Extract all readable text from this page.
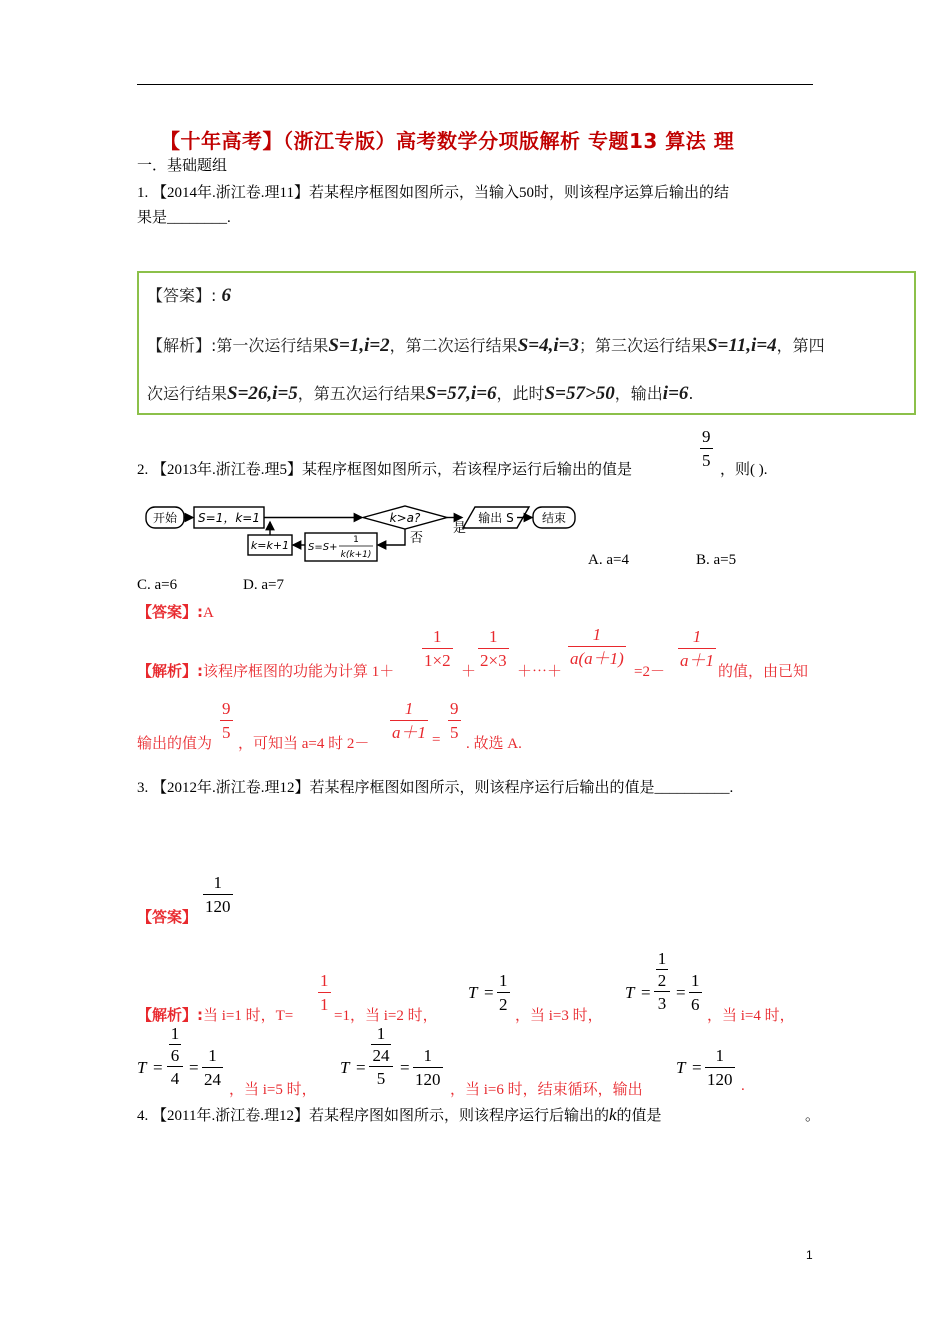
【十年高考】（浙江专版）高考数学分项版解析 专题13 算法 理
一．基础题组
1. 【2014年.浙江卷.理11】若某程序框图如图所示，当输入50时，则该程序运算后输出的结
果是________.
【答案】: 6
【解析】:第一次运行结果S=1,i=2，第二次运行结果S=4,i=3；第三次运行结果S=11,i=4，第四
次运行结果S=26,i=5，第五次运行结果S=57,i=6，此时S=57>50，输出i=6.
2. 【2013年.浙江卷.理5】某程序框图如图所示，若该程序运行后输出的值是
9
5 ，则( ).
开始 S=1，k=1	k>a?
是
否
输出 S 结束
k=k+1 S=S+
1
k(k+1)	A. a=4	B. a=5
C. a=6	D. a=7
【答案】:A
【解析】:该程序框图的功能为计算 1＋
1
1×2
＋
1
2×3
＋⋯＋
1
a(a＋1)
=2－
1
a＋1
的值，由已知
输出的值为
9
5
，可知当 a=4 时 2－
1
a＋1 =
9
5
. 故选 A.
3. 【2012年.浙江卷.理12】若某程序框图如图所示，则该程序运行后输出的值是__________.
【答案】
1
120
【解析】:当 i=1 时，T=
1
1
=1，当 i=2 时，
T =
1
2
，当 i=3 时，
T =
1
2
3
=
1
6
，当 i=4 时，
T =
1
6
4
=
1
24
，当 i=5 时，
T =
1
24
5
=
1
120
，当 i=6 时，结束循环，输出
T =
1
120 .
4. 【2011年.浙江卷.理12】若某程序图如图所示，则该程序运行后输出的k的值是	。
1
